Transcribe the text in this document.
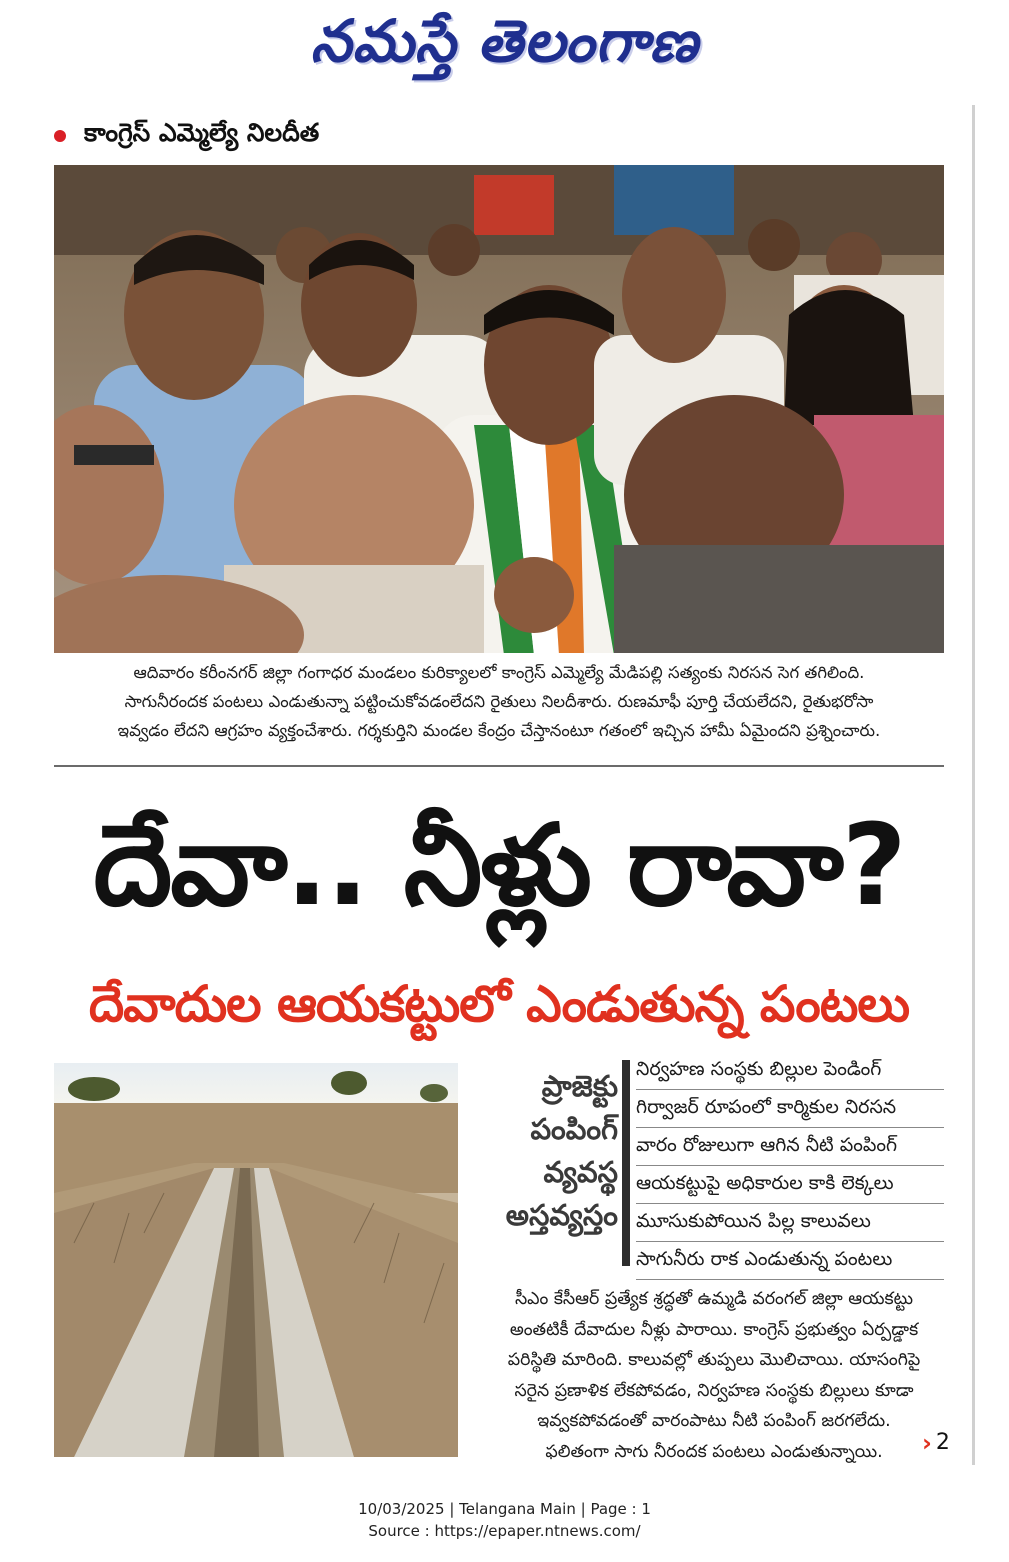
నమస్తే తెలంగాణ
కాంగ్రెస్ ఎమ్మెల్యే నిలదీత
ఆదివారం కరీంనగర్ జిల్లా గంగాధర మండలం కురిక్యాలలో కాంగ్రెస్ ఎమ్మెల్యే మేడిపల్లి సత్యంకు నిరసన సెగ తగిలింది.
సాగునీరందక పంటలు ఎండుతున్నా పట్టించుకోవడంలేదని రైతులు నిలదీశారు. రుణమాఫీ పూర్తి చేయలేదని, రైతుభరోసా
ఇవ్వడం లేదని ఆగ్రహం వ్యక్తంచేశారు. గర్శకుర్తిని మండల కేంద్రం చేస్తానంటూ గతంలో ఇచ్చిన హామీ ఏమైందని ప్రశ్నించారు.
దేవా.. నీళ్లు రావా?
దేవాదుల ఆయకట్టులో ఎండుతున్న పంటలు
ప్రాజెక్టు
పంపింగ్
వ్యవస్థ
అస్తవ్యస్తం
నిర్వహణ సంస్థకు బిల్లుల పెండింగ్
గిర్వాజర్ రూపంలో కార్మికుల నిరసన
వారం రోజులుగా ఆగిన నీటి పంపింగ్
ఆయకట్టుపై అధికారుల కాకి లెక్కలు
మూసుకుపోయిన పిల్ల కాలువలు
సాగునీరు రాక ఎండుతున్న పంటలు
సీఎం కేసీఆర్ ప్రత్యేక శ్రద్ధతో ఉమ్మడి వరంగల్ జిల్లా ఆయకట్టు
అంతటికీ దేవాదుల నీళ్లు పారాయి. కాంగ్రెస్ ప్రభుత్వం ఏర్పడ్డాక
పరిస్థితి మారింది. కాలువల్లో తుప్పలు మొలిచాయి. యాసంగిపై
సరైన ప్రణాళిక లేకపోవడం, నిర్వహణ సంస్థకు బిల్లులు కూడా
ఇవ్వకపోవడంతో వారంపాటు నీటి పంపింగ్ జరగలేదు.
ఫలితంగా సాగు నీరందక పంటలు ఎండుతున్నాయి.	› 2
10/03/2025 | Telangana Main | Page : 1
Source : https://epaper.ntnews.com/
